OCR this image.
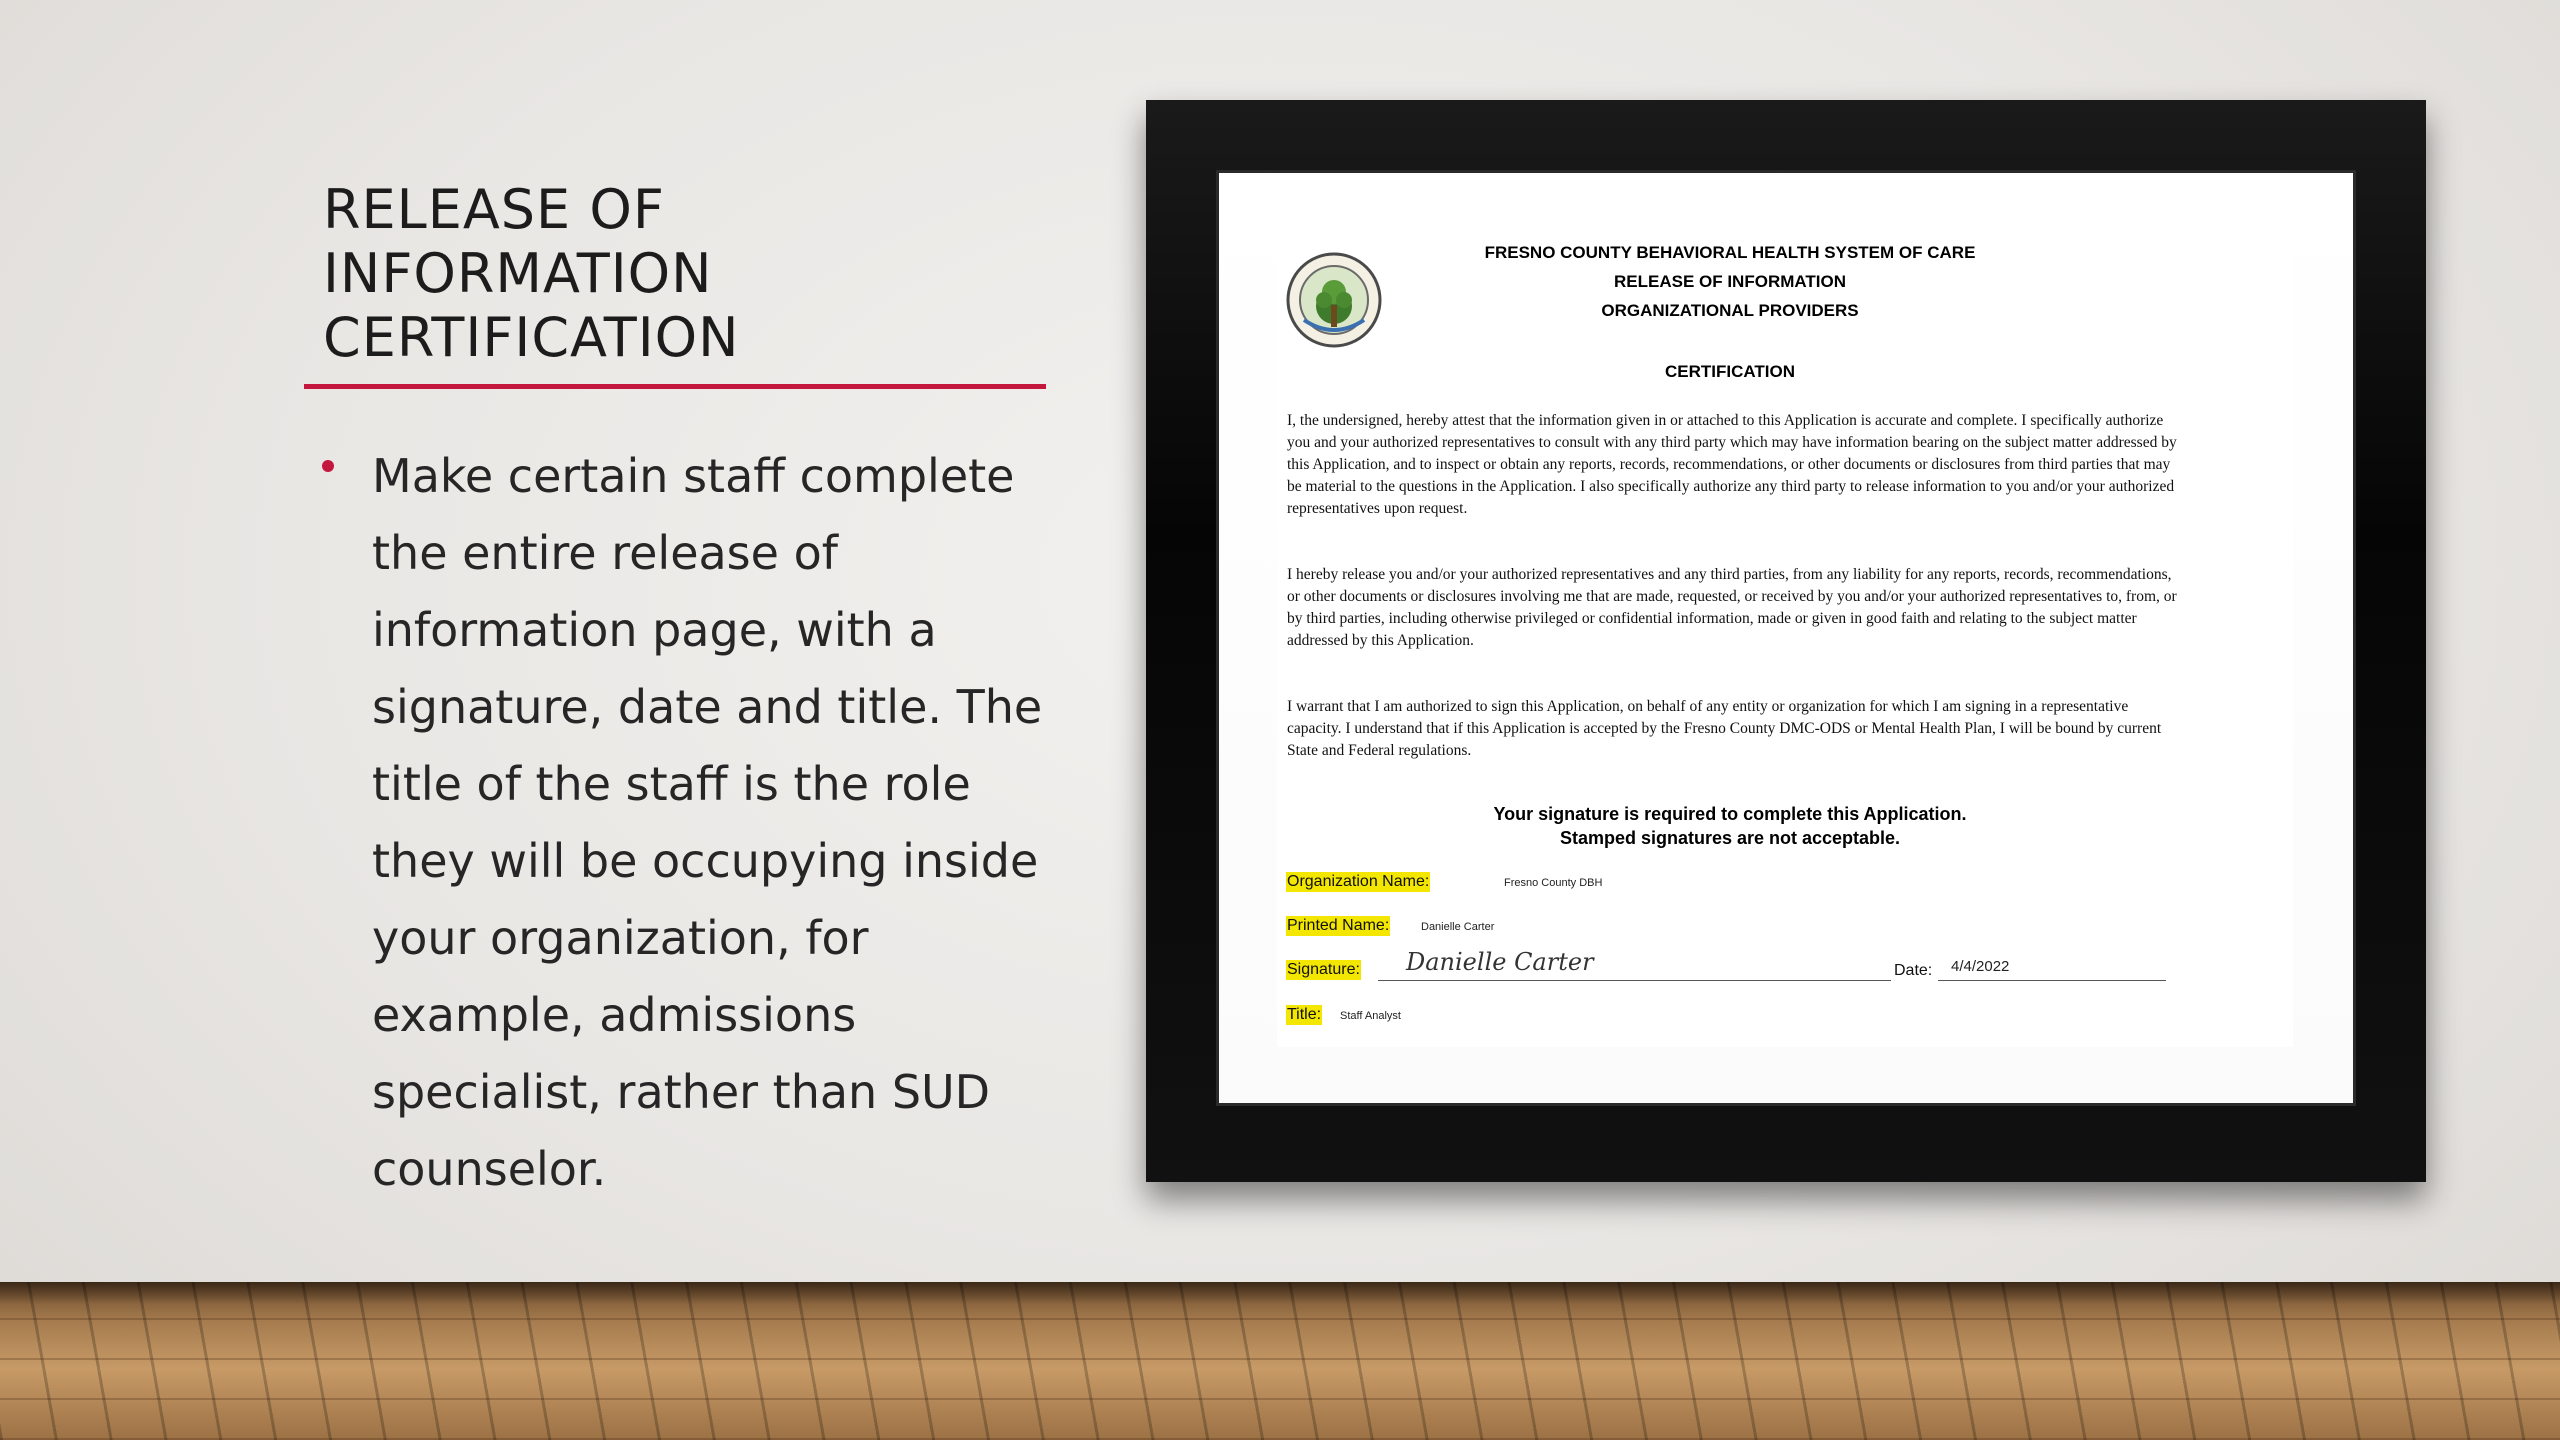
RELEASE OF INFORMATION CERTIFICATION

Make certain staff complete the entire release of information page, with a signature, date and title. The title of the staff is the role they will be occupying inside your organization, for example, admissions specialist, rather than SUD counselor.

FRESNO COUNTY BEHAVIORAL HEALTH SYSTEM OF CARE
RELEASE OF INFORMATION
ORGANIZATIONAL PROVIDERS
CERTIFICATION

I, the undersigned, hereby attest that the information given in or attached to this Application is accurate and complete. I specifically authorize you and your authorized representatives to consult with any third party which may have information bearing on the subject matter addressed by this Application, and to inspect or obtain any reports, records, recommendations, or other documents or disclosures from third parties that may be material to the questions in the Application. I also specifically authorize any third party to release information to you and/or your authorized representatives upon request.

I hereby release you and/or your authorized representatives and any third parties, from any liability for any reports, records, recommendations, or other documents or disclosures involving me that are made, requested, or received by you and/or your authorized representatives to, from, or by third parties, including otherwise privileged or confidential information, made or given in good faith and relating to the subject matter addressed by this Application.

I warrant that I am authorized to sign this Application, on behalf of any entity or organization for which I am signing in a representative capacity. I understand that if this Application is accepted by the Fresno County DMC-ODS or Mental Health Plan, I will be bound by current State and Federal regulations.

Your signature is required to complete this Application.
Stamped signatures are not acceptable.
Organization Name:	Fresno County DBH
Printed Name:	Danielle Carter
Signature: Danielle Carter	Date: 4/4/2022
Title: Staff Analyst
